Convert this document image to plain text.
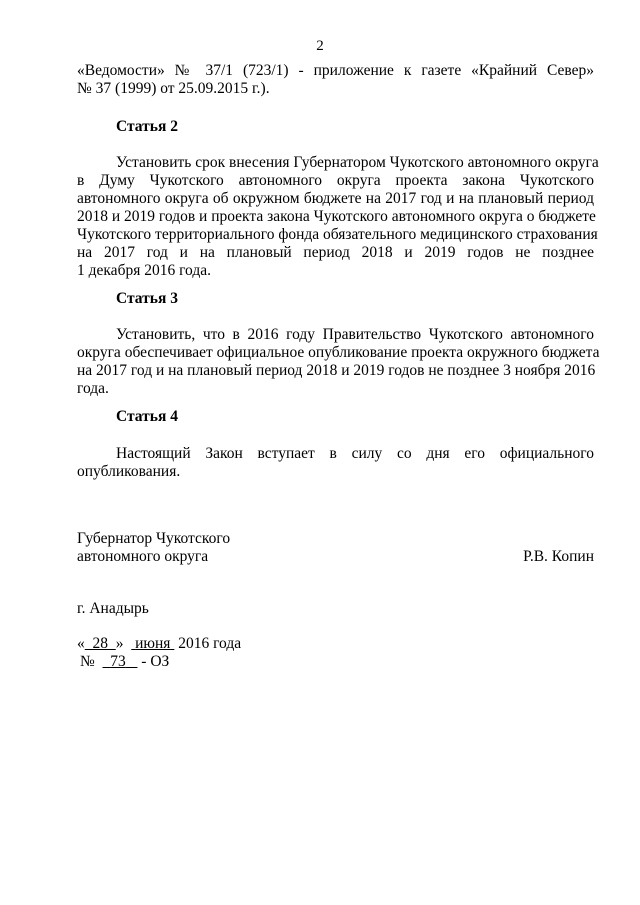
2
«Ведомости» № 37/1 (723/1) - приложение к газете «Крайний Север»
№ 37 (1999) от 25.09.2015 г.).
Статья 2
Установить срок внесения Губернатором Чукотского автономного округа
в Думу Чукотского автономного округа проекта закона Чукотского
автономного округа об окружном бюджете на 2017 год и на плановый период
2018 и 2019 годов и проекта закона Чукотского автономного округа о бюджете
Чукотского территориального фонда обязательного медицинского страхования
на 2017 год и на плановый период 2018 и 2019 годов не позднее
1 декабря 2016 года.
Статья 3
Установить, что в 2016 году Правительство Чукотского автономного
округа обеспечивает официальное опубликование проекта окружного бюджета
на 2017 год и на плановый период 2018 и 2019 годов не позднее 3 ноября 2016
года.
Статья 4
Настоящий Закон вступает в силу со дня его официального
опубликования.
Губернатор Чукотского
автономного округа	Р.В. Копин
г. Анадырь
« 28 » июня 2016 года
№ 73 - ОЗ
